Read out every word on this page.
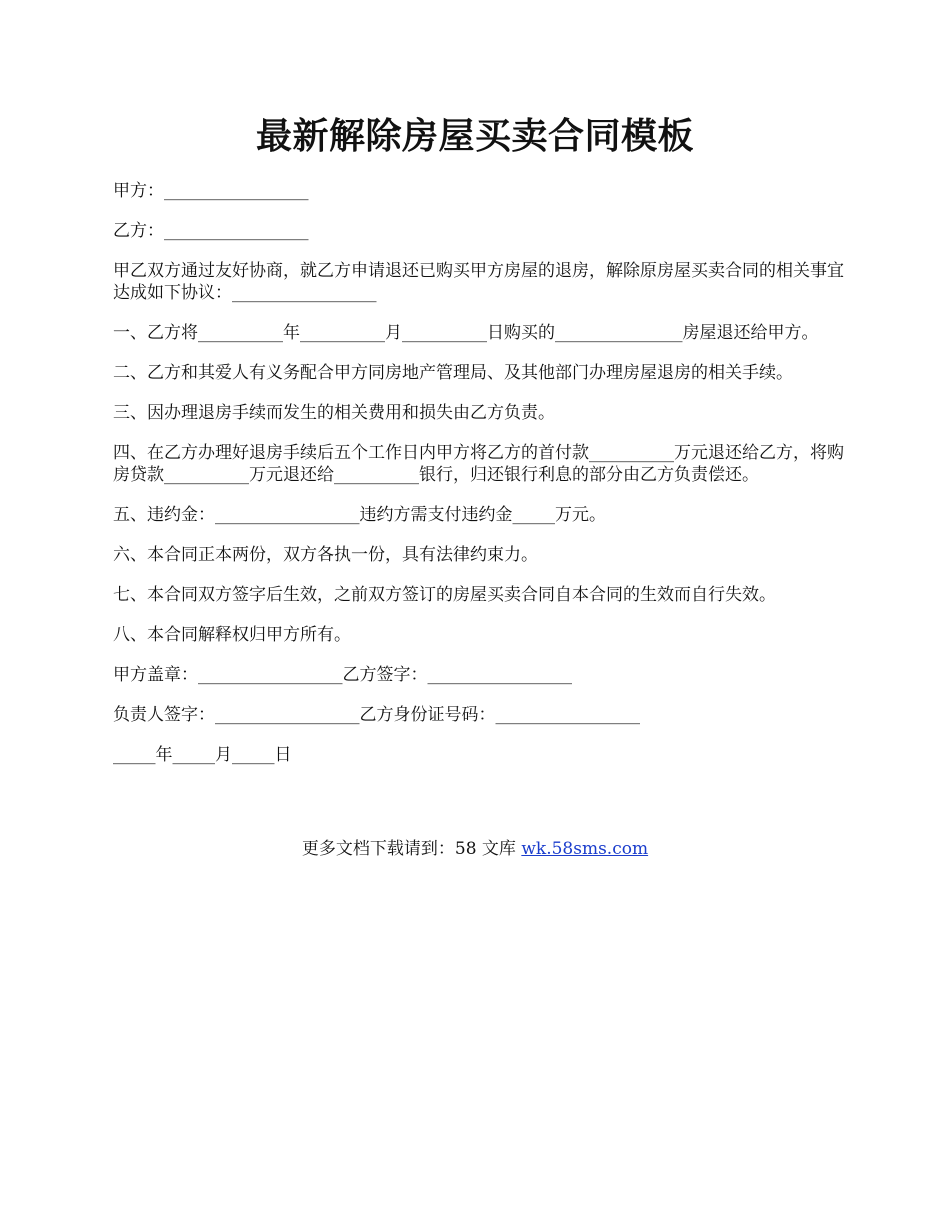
最新解除房屋买卖合同模板

甲方：_________________

乙方：_________________

甲乙双方通过友好协商，就乙方申请退还已购买甲方房屋的退房，解除原房屋买卖合同的相关事宜达成如下协议：_________________

一、乙方将__________年__________月__________日购买的_______________房屋退还给甲方。

二、乙方和其爱人有义务配合甲方同房地产管理局、及其他部门办理房屋退房的相关手续。

三、因办理退房手续而发生的相关费用和损失由乙方负责。

四、在乙方办理好退房手续后五个工作日内甲方将乙方的首付款__________万元退还给乙方，将购房贷款__________万元退还给__________银行，归还银行利息的部分由乙方负责偿还。

五、违约金：_________________违约方需支付违约金_____万元。

六、本合同正本两份，双方各执一份，具有法律约束力。

七、本合同双方签字后生效，之前双方签订的房屋买卖合同自本合同的生效而自行失效。

八、本合同解释权归甲方所有。

甲方盖章：_________________乙方签字：_________________

负责人签字：_________________乙方身份证号码：_________________

_____年_____月_____日

更多文档下载请到：58 文库 wk.58sms.com
